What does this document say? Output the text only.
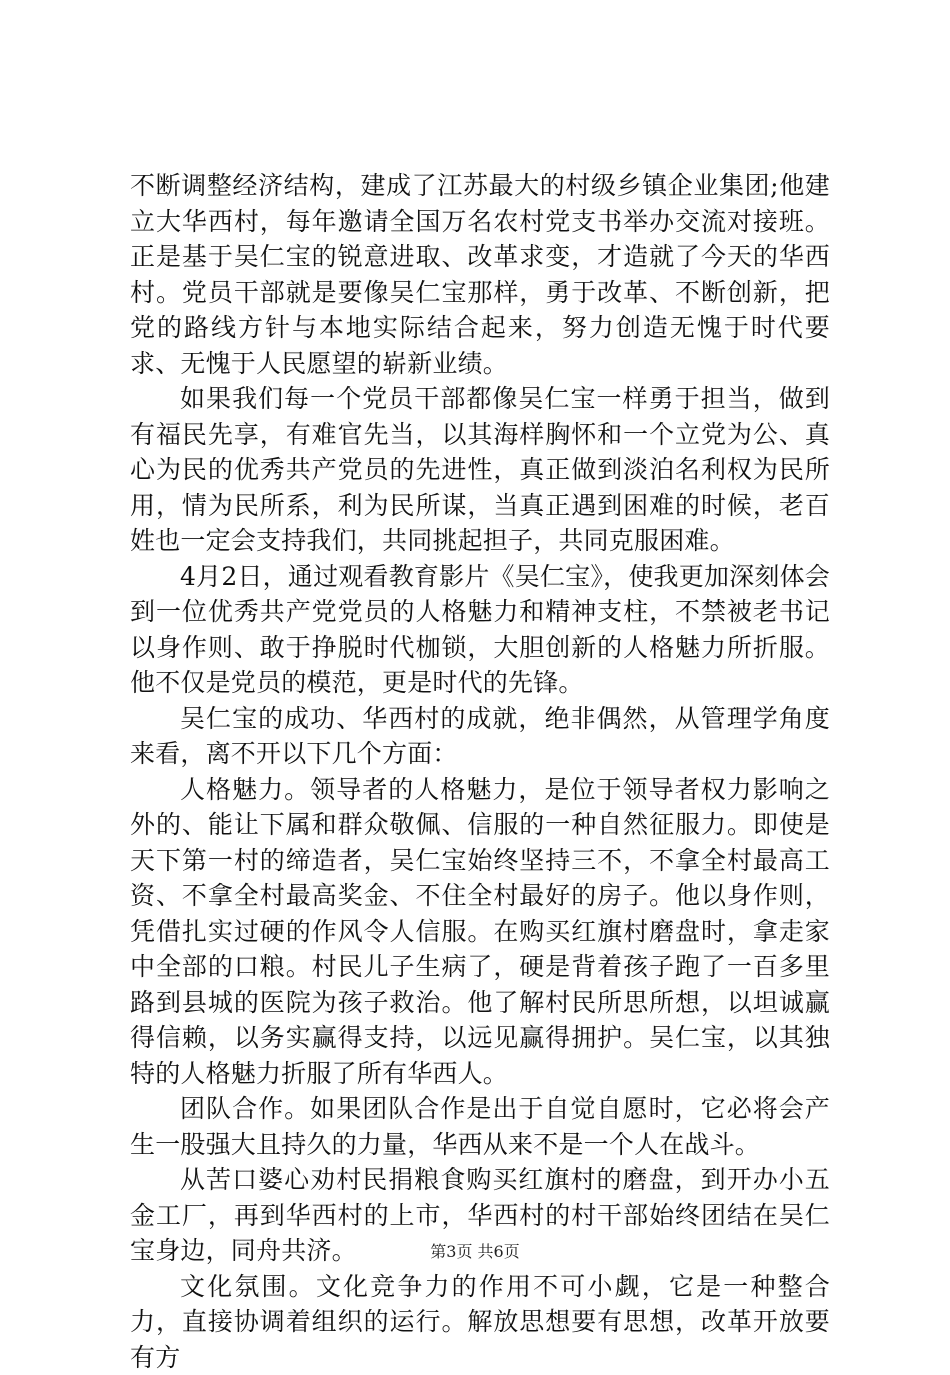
不断调整经济结构，建成了江苏最大的村级乡镇企业集团;他建立大华西村，每年邀请全国万名农村党支书举办交流对接班。正是基于吴仁宝的锐意进取、改革求变，才造就了今天的华西村。党员干部就是要像吴仁宝那样，勇于改革、不断创新，把党的路线方针与本地实际结合起来，努力创造无愧于时代要求、无愧于人民愿望的崭新业绩。

如果我们每一个党员干部都像吴仁宝一样勇于担当，做到有福民先享，有难官先当，以其海样胸怀和一个立党为公、真心为民的优秀共产党员的先进性，真正做到淡泊名利权为民所用，情为民所系，利为民所谋，当真正遇到困难的时候，老百姓也一定会支持我们，共同挑起担子，共同克服困难。

4月2日，通过观看教育影片《吴仁宝》，使我更加深刻体会到一位优秀共产党党员的人格魅力和精神支柱，不禁被老书记以身作则、敢于挣脱时代枷锁，大胆创新的人格魅力所折服。他不仅是党员的模范，更是时代的先锋。

吴仁宝的成功、华西村的成就，绝非偶然，从管理学角度来看，离不开以下几个方面：

人格魅力。领导者的人格魅力，是位于领导者权力影响之外的、能让下属和群众敬佩、信服的一种自然征服力。即使是天下第一村的缔造者，吴仁宝始终坚持三不，不拿全村最高工资、不拿全村最高奖金、不住全村最好的房子。他以身作则，凭借扎实过硬的作风令人信服。在购买红旗村磨盘时，拿走家中全部的口粮。村民儿子生病了，硬是背着孩子跑了一百多里路到县城的医院为孩子救治。他了解村民所思所想，以坦诚赢得信赖，以务实赢得支持，以远见赢得拥护。吴仁宝，以其独特的人格魅力折服了所有华西人。

团队合作。如果团队合作是出于自觉自愿时，它必将会产生一股强大且持久的力量，华西从来不是一个人在战斗。

从苦口婆心劝村民捐粮食购买红旗村的磨盘，到开办小五金工厂，再到华西村的上市，华西村的村干部始终团结在吴仁宝身边，同舟共济。

文化氛围。文化竞争力的作用不可小觑，它是一种整合力，直接协调着组织的运行。解放思想要有思想，改革开放要有方

第3页 共6页
